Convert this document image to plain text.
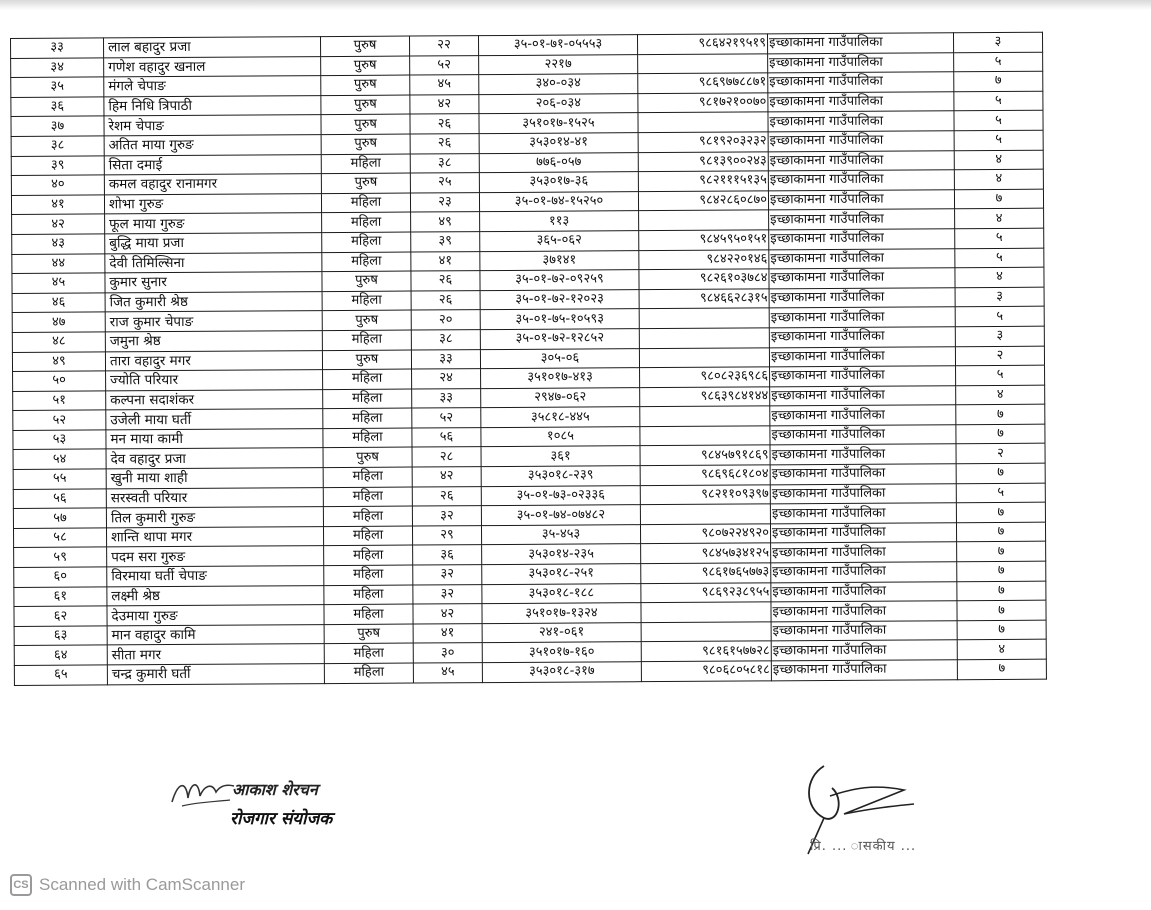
३३	लाल बहादुर प्रजा	पुरुष	२२	३५-०१-७१-०५५५३	९८६४२१९५१९	इच्छाकामना गाउँपालिका	३
३४	गणेश वहादुर खनाल	पुरुष	५२	२२१७		इच्छाकामना गाउँपालिका	५
३५	मंगले चेपाङ	पुरुष	४५	३४०-०३४	९८६९७७८८७१	इच्छाकामना गाउँपालिका	७
३६	हिम निधि त्रिपाठी	पुरुष	४२	२०६-०३४	९८१७२१००७०	इच्छाकामना गाउँपालिका	५
३७	रेशम चेपाङ	पुरुष	२६	३५१०१७-१५२५		इच्छाकामना गाउँपालिका	५
३८	अतित माया गुरुङ	पुरुष	२६	३५३०१४-४१	९८१९२०३२३२	इच्छाकामना गाउँपालिका	५
३९	सिता दमाई	महिला	३८	७७६-०५७	९८१३९००२४३	इच्छाकामना गाउँपालिका	४
४०	कमल वहादुर रानामगर	पुरुष	२५	३५३०१७-३६	९८२१११५१३५	इच्छाकामना गाउँपालिका	४
४१	शोभा गुरुङ	महिला	२३	३५-०१-७४-१५२५०	९८४२८६०८७०	इच्छाकामना गाउँपालिका	७
४२	फूल माया गुरुङ	महिला	४९	११३		इच्छाकामना गाउँपालिका	४
४३	बुद्धि माया प्रजा	महिला	३९	३६५-०६२	९८४५९५०१५१	इच्छाकामना गाउँपालिका	५
४४	देवी तिमिल्सिना	महिला	४१	३७१४१	९८४२२०१४६	इच्छाकामना गाउँपालिका	५
४५	कुमार सुनार	पुरुष	२६	३५-०१-७२-०९२५९	९८२६१०३७८४	इच्छाकामना गाउँपालिका	४
४६	जित कुमारी श्रेष्ठ	महिला	२६	३५-०१-७२-१२०२३	९८४६६२८३१५	इच्छाकामना गाउँपालिका	३
४७	राज कुमार चेपाङ	पुरुष	२०	३५-०१-७५-१०५९३		इच्छाकामना गाउँपालिका	५
४८	जमुना श्रेष्ठ	महिला	३८	३५-०१-७२-१२८५२		इच्छाकामना गाउँपालिका	३
४९	तारा वहादुर मगर	पुरुष	३३	३०५-०६		इच्छाकामना गाउँपालिका	२
५०	ज्योति परियार	महिला	२४	३५१०१७-४१३	९८०८२३६९८६	इच्छाकामना गाउँपालिका	५
५१	कल्पना सदाशंकर	महिला	३३	२९४७-०६२	९८६३९८४१४४	इच्छाकामना गाउँपालिका	४
५२	उजेली माया घर्ती	महिला	५२	३५८१८-४४५		इच्छाकामना गाउँपालिका	७
५३	मन माया कामी	महिला	५६	१०८५		इच्छाकामना गाउँपालिका	७
५४	देव वहादुर प्रजा	पुरुष	२८	३६१	९८४५७९१८६९	इच्छाकामना गाउँपालिका	२
५५	खुनी माया शाही	महिला	४२	३५३०१८-२३९	९८६९६८१८०४	इच्छाकामना गाउँपालिका	७
५६	सरस्वती परियार	महिला	२६	३५-०१-७३-०२३३६	९८२११०९३९७	इच्छाकामना गाउँपालिका	५
५७	तिल कुमारी गुरुङ	महिला	३२	३५-०१-७४-०७४८२		इच्छाकामना गाउँपालिका	७
५८	शान्ति थापा मगर	महिला	२९	३५-४५३	९८०७२२४९२०	इच्छाकामना गाउँपालिका	७
५९	पदम सरा गुरुङ	महिला	३६	३५३०१४-२३५	९८४५७३४१२५	इच्छाकामना गाउँपालिका	७
६०	विरमाया घर्ती चेपाङ	महिला	३२	३५३०१८-२५१	९८६१७६५७७३	इच्छाकामना गाउँपालिका	७
६१	लक्ष्मी श्रेष्ठ	महिला	३२	३५३०१८-१८८	९८६९२३८९५५	इच्छाकामना गाउँपालिका	७
६२	देउमाया गुरुङ	महिला	४२	३५१०१७-१३२४		इच्छाकामना गाउँपालिका	७
६३	मान वहादुर कामि	पुरुष	४१	२४१-०६१		इच्छाकामना गाउँपालिका	७
६४	सीता मगर	महिला	३०	३५१०१७-१६०	९८१६१५७७२८	इच्छाकामना गाउँपालिका	४
६५	चन्द्र कुमारी घर्ती	महिला	४५	३५३०१८-३१७	९८०६८०५८१८	इच्छाकामना गाउँपालिका	७
आकाश शेरचन
रोजगार संयोजक
प्रि. ... ासकीय ...
CS Scanned with CamScanner
